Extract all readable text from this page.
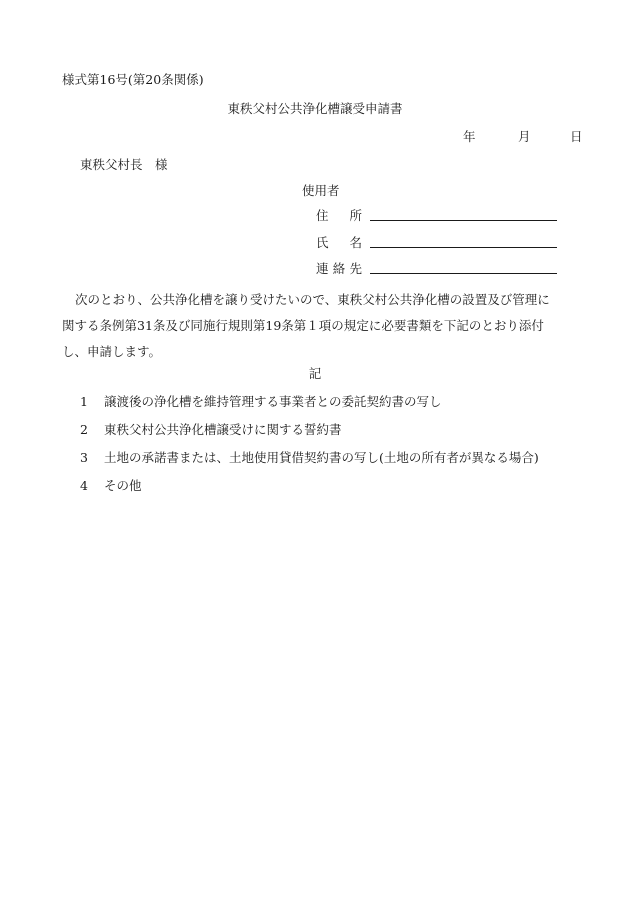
様式第16号(第20条関係)
東秩父村公共浄化槽譲受申請書
年	月	日
東秩父村長　様
使用者
住所
氏名
連絡先
次のとおり、公共浄化槽を譲り受けたいので、東秩父村公共浄化槽の設置及び管理に
関する条例第31条及び同施行規則第19条第１項の規定に必要書類を下記のとおり添付
し、申請します。
記
1 譲渡後の浄化槽を維持管理する事業者との委託契約書の写し
2 東秩父村公共浄化槽譲受けに関する誓約書
3 土地の承諾書または、土地使用貸借契約書の写し(土地の所有者が異なる場合)
4 その他
